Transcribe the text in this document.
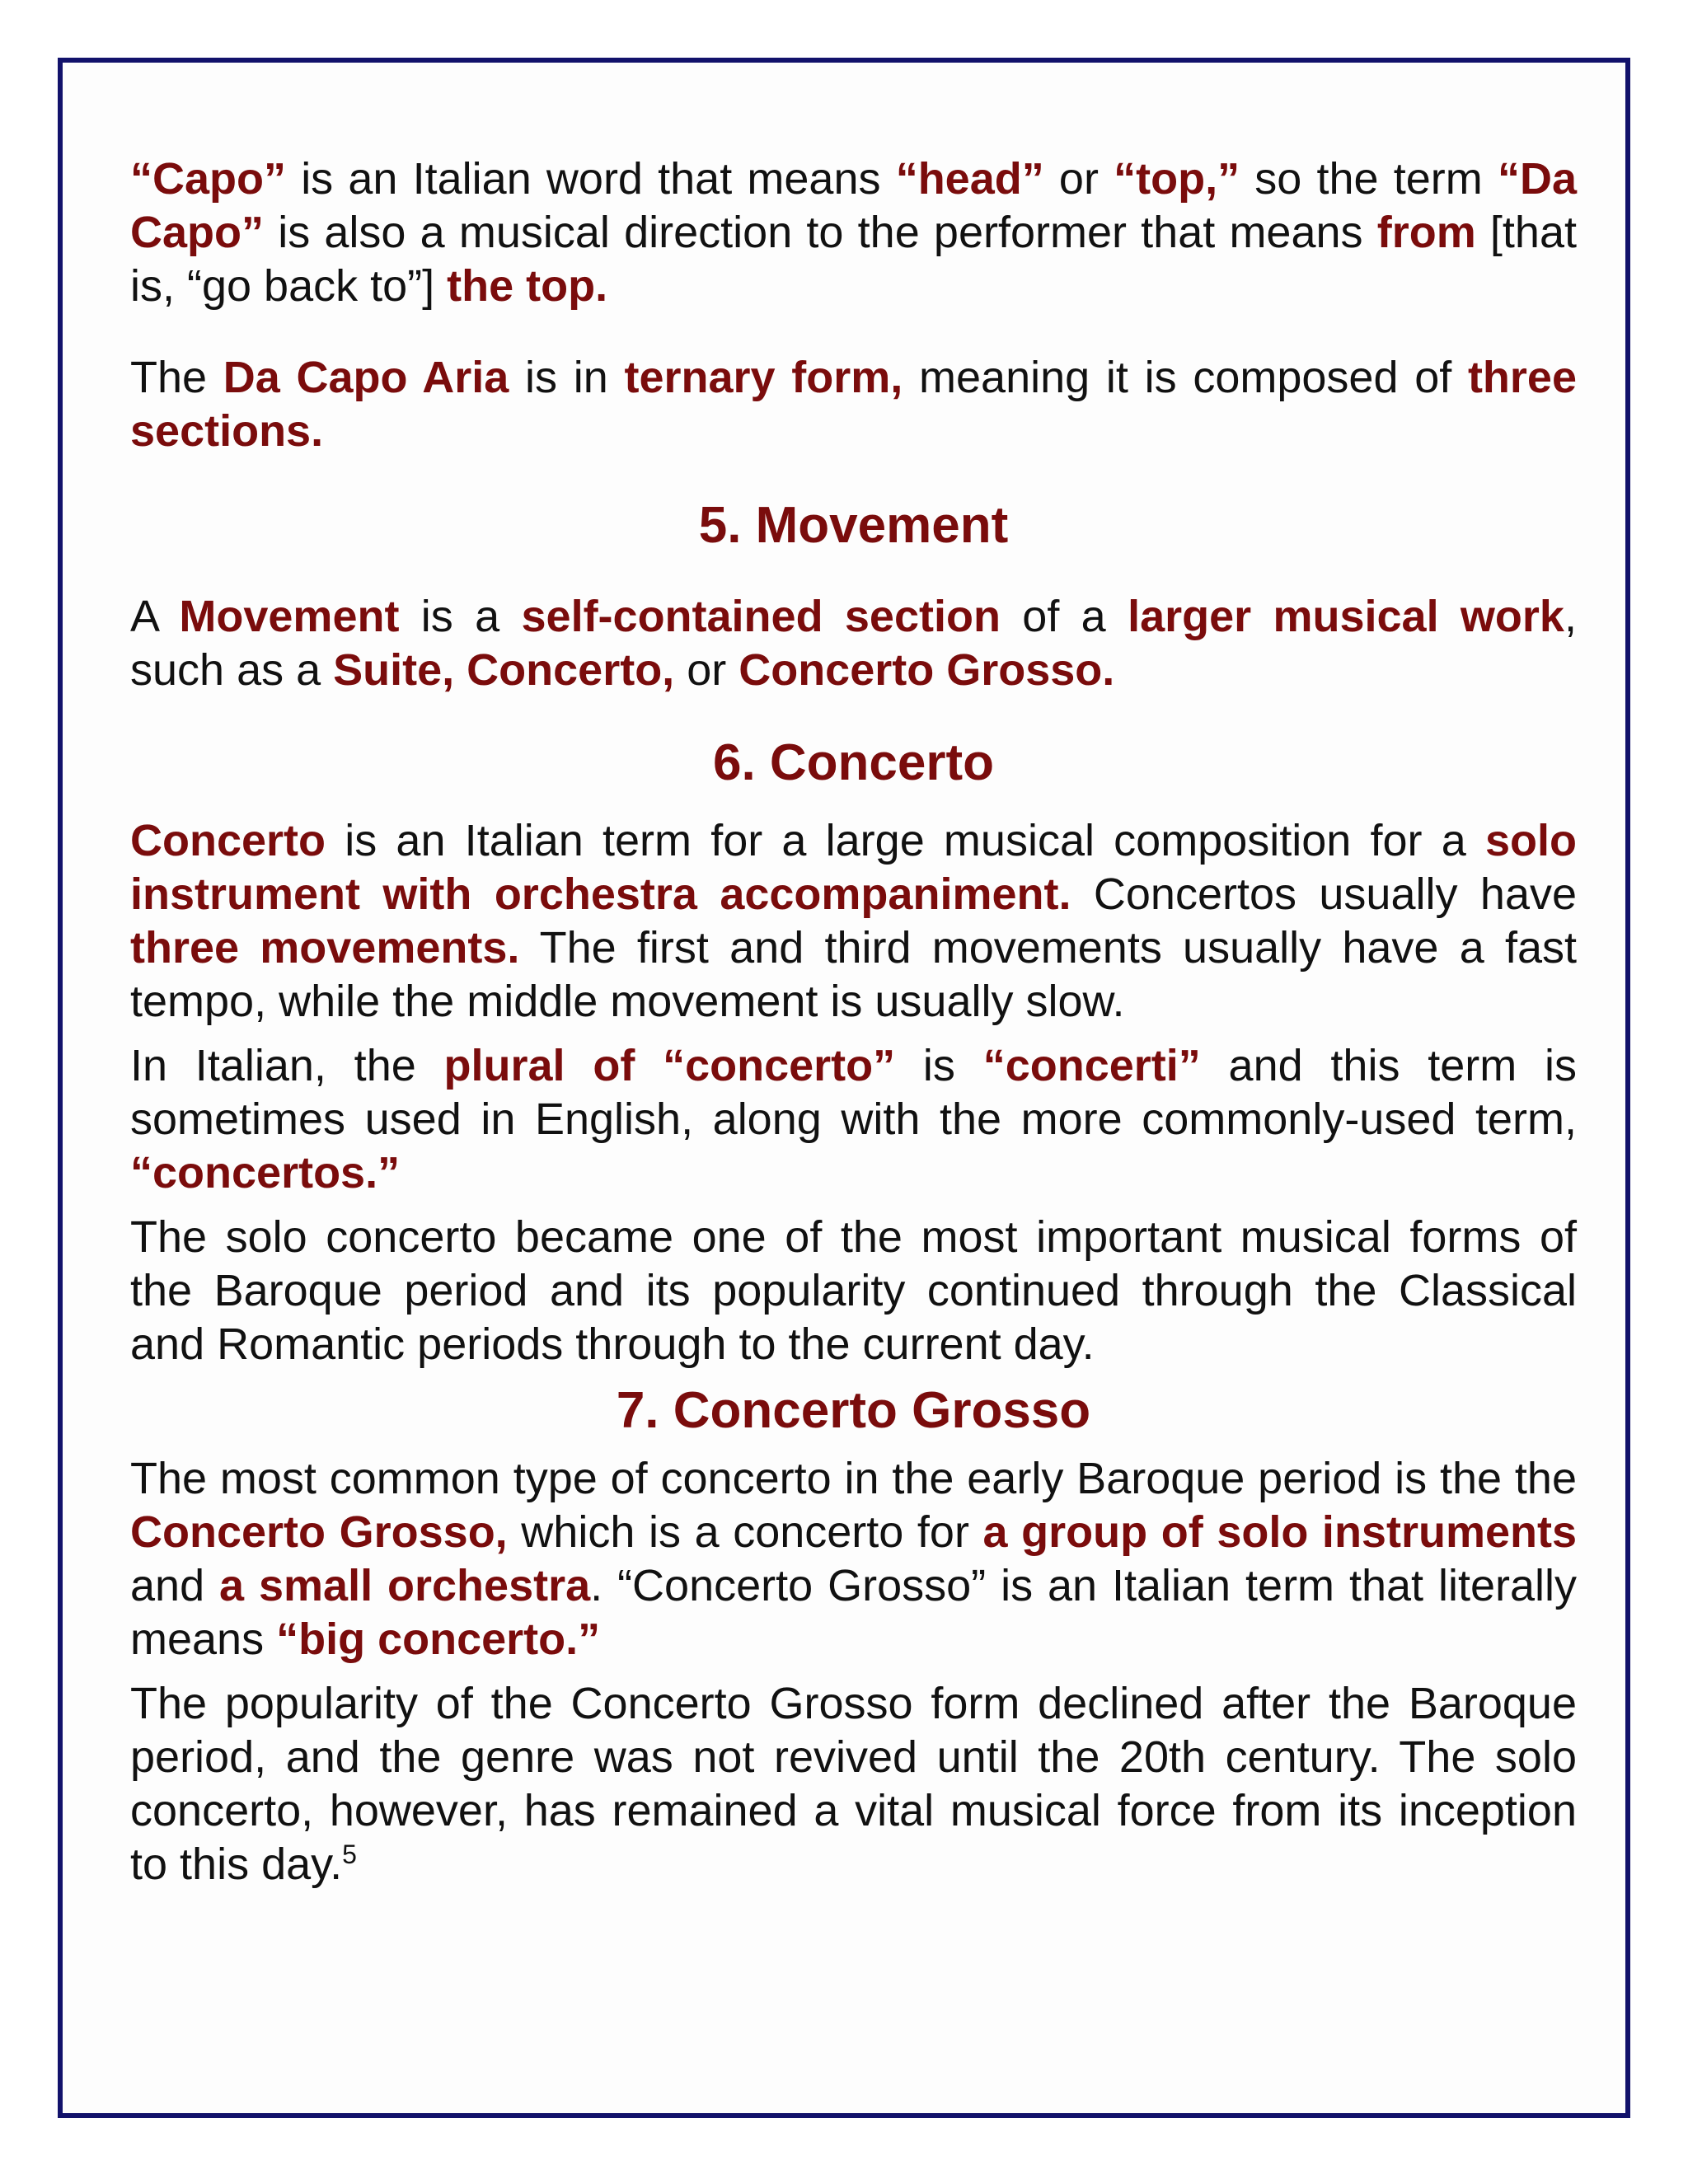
“Capo” is an Italian word that means “head” or “top,” so the term “Da Capo” is also a musical direction to the performer that means from [that is, “go back to”] the top.

The Da Capo Aria is in ternary form, meaning it is composed of three sections.

5. Movement

A Movement is a self-contained section of a larger musical work, such as a Suite, Concerto, or Concerto Grosso.

6. Concerto

Concerto is an Italian term for a large musical composition for a solo instrument with orchestra accompaniment. Concertos usually have three movements. The first and third movements usually have a fast tempo, while the middle movement is usually slow.

In Italian, the plural of “concerto” is “concerti” and this term is sometimes used in English, along with the more commonly-used term, “concertos.”

The solo concerto became one of the most important musical forms of the Baroque period and its popularity continued through the Classical and Romantic periods through to the current day.

7. Concerto Grosso

The most common type of concerto in the early Baroque period is the the Concerto Grosso, which is a concerto for a group of solo instruments and a small orchestra. “Concerto Grosso” is an Italian term that literally means “big concerto.”

The popularity of the Concerto Grosso form declined after the Baroque period, and the genre was not revived until the 20th century. The solo concerto, however, has remained a vital musical force from its inception to this day.$^5$
